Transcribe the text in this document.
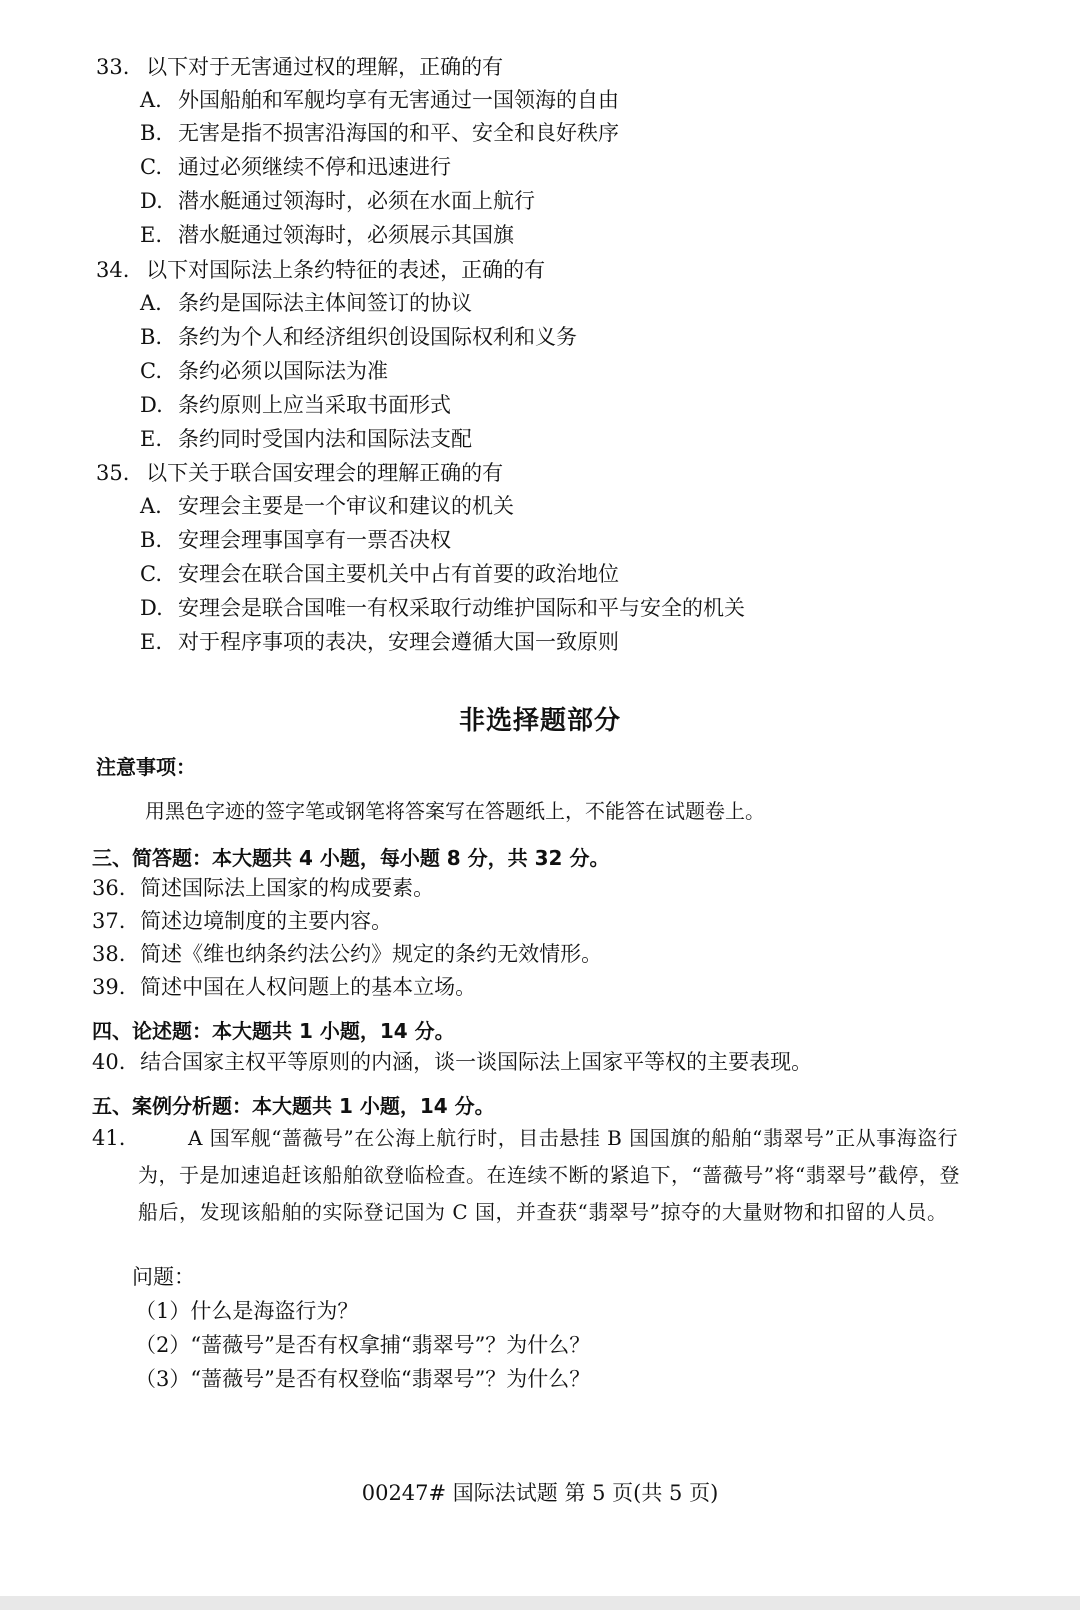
33. 以下对于无害通过权的理解，正确的有
A. 外国船舶和军舰均享有无害通过一国领海的自由
B. 无害是指不损害沿海国的和平、安全和良好秩序
C. 通过必须继续不停和迅速进行
D. 潜水艇通过领海时，必须在水面上航行
E. 潜水艇通过领海时，必须展示其国旗
34. 以下对国际法上条约特征的表述，正确的有
A. 条约是国际法主体间签订的协议
B. 条约为个人和经济组织创设国际权利和义务
C. 条约必须以国际法为准
D. 条约原则上应当采取书面形式
E. 条约同时受国内法和国际法支配
35. 以下关于联合国安理会的理解正确的有
A. 安理会主要是一个审议和建议的机关
B. 安理会理事国享有一票否决权
C. 安理会在联合国主要机关中占有首要的政治地位
D. 安理会是联合国唯一有权采取行动维护国际和平与安全的机关
E. 对于程序事项的表决，安理会遵循大国一致原则
非选择题部分
注意事项：
用黑色字迹的签字笔或钢笔将答案写在答题纸上，不能答在试题卷上。
三、简答题：本大题共 4 小题，每小题 8 分，共 32 分。
36. 简述国际法上国家的构成要素。
37. 简述边境制度的主要内容。
38. 简述《维也纳条约法公约》规定的条约无效情形。
39. 简述中国在人权问题上的基本立场。
四、论述题：本大题共 1 小题，14 分。
40. 结合国家主权平等原则的内涵，谈一谈国际法上国家平等权的主要表现。
五、案例分析题：本大题共 1 小题，14 分。
41.	A 国军舰“蔷薇号”在公海上航行时，目击悬挂 B 国国旗的船舶“翡翠号”正从事海盗行为，于是加速追赶该船舶欲登临检查。在连续不断的紧追下，“蔷薇号”将“翡翠号”截停，登船后，发现该船舶的实际登记国为 C 国，并查获“翡翠号”掠夺的大量财物和扣留的人员。
问题：
（1）什么是海盗行为？
（2）“蔷薇号”是否有权拿捕“翡翠号”？为什么？
（3）“蔷薇号”是否有权登临“翡翠号”？为什么？
00247# 国际法试题 第 5 页(共 5 页)
